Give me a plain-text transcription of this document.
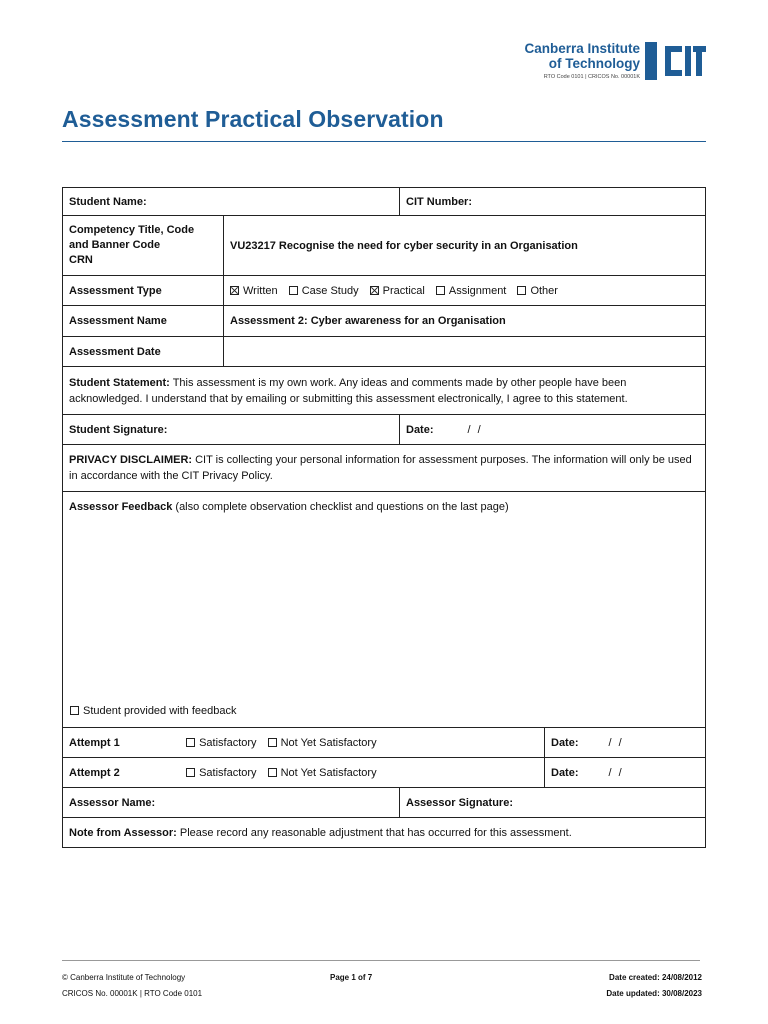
Canberra Institute
of Technology
RTO Code 0101 | CRICOS No. 00001K
Assessment Practical Observation
Student Name:		CIT Number:	

Competency Title, Code
and Banner Code
CRN	VU23217 Recognise the need for cyber security in an Organisation		
Assessment Type	Written Case Study Practical Assignment Other		
Assessment Name	Assessment 2: Cyber awareness for an Organisation		
Assessment Date			
Student Statement: This assessment is my own work. Any ideas and comments made by other people have been acknowledged. I understand that by emailing or submitting this assessment electronically, I agree to this statement.			
Student Signature:		Date: / /	
PRIVACY DISCLAIMER: CIT is collecting your personal information for assessment purposes. The information will only be used in accordance with the CIT Privacy Policy.			
Assessor Feedback (also complete observation checklist and questions on the last page)
Student provided with feedback			

Attempt 1 Satisfactory Not Yet Satisfactory			Date: / /
Attempt 2 Satisfactory Not Yet Satisfactory			Date: / /
Assessor Name:		Assessor Signature:	
Note from Assessor: Please record any reasonable adjustment that has occurred for this assessment.			
© Canberra Institute of Technology	Page 1 of 7	Date created: 24/08/2012
CRICOS No. 00001K | RTO Code 0101	Date updated: 30/08/2023
